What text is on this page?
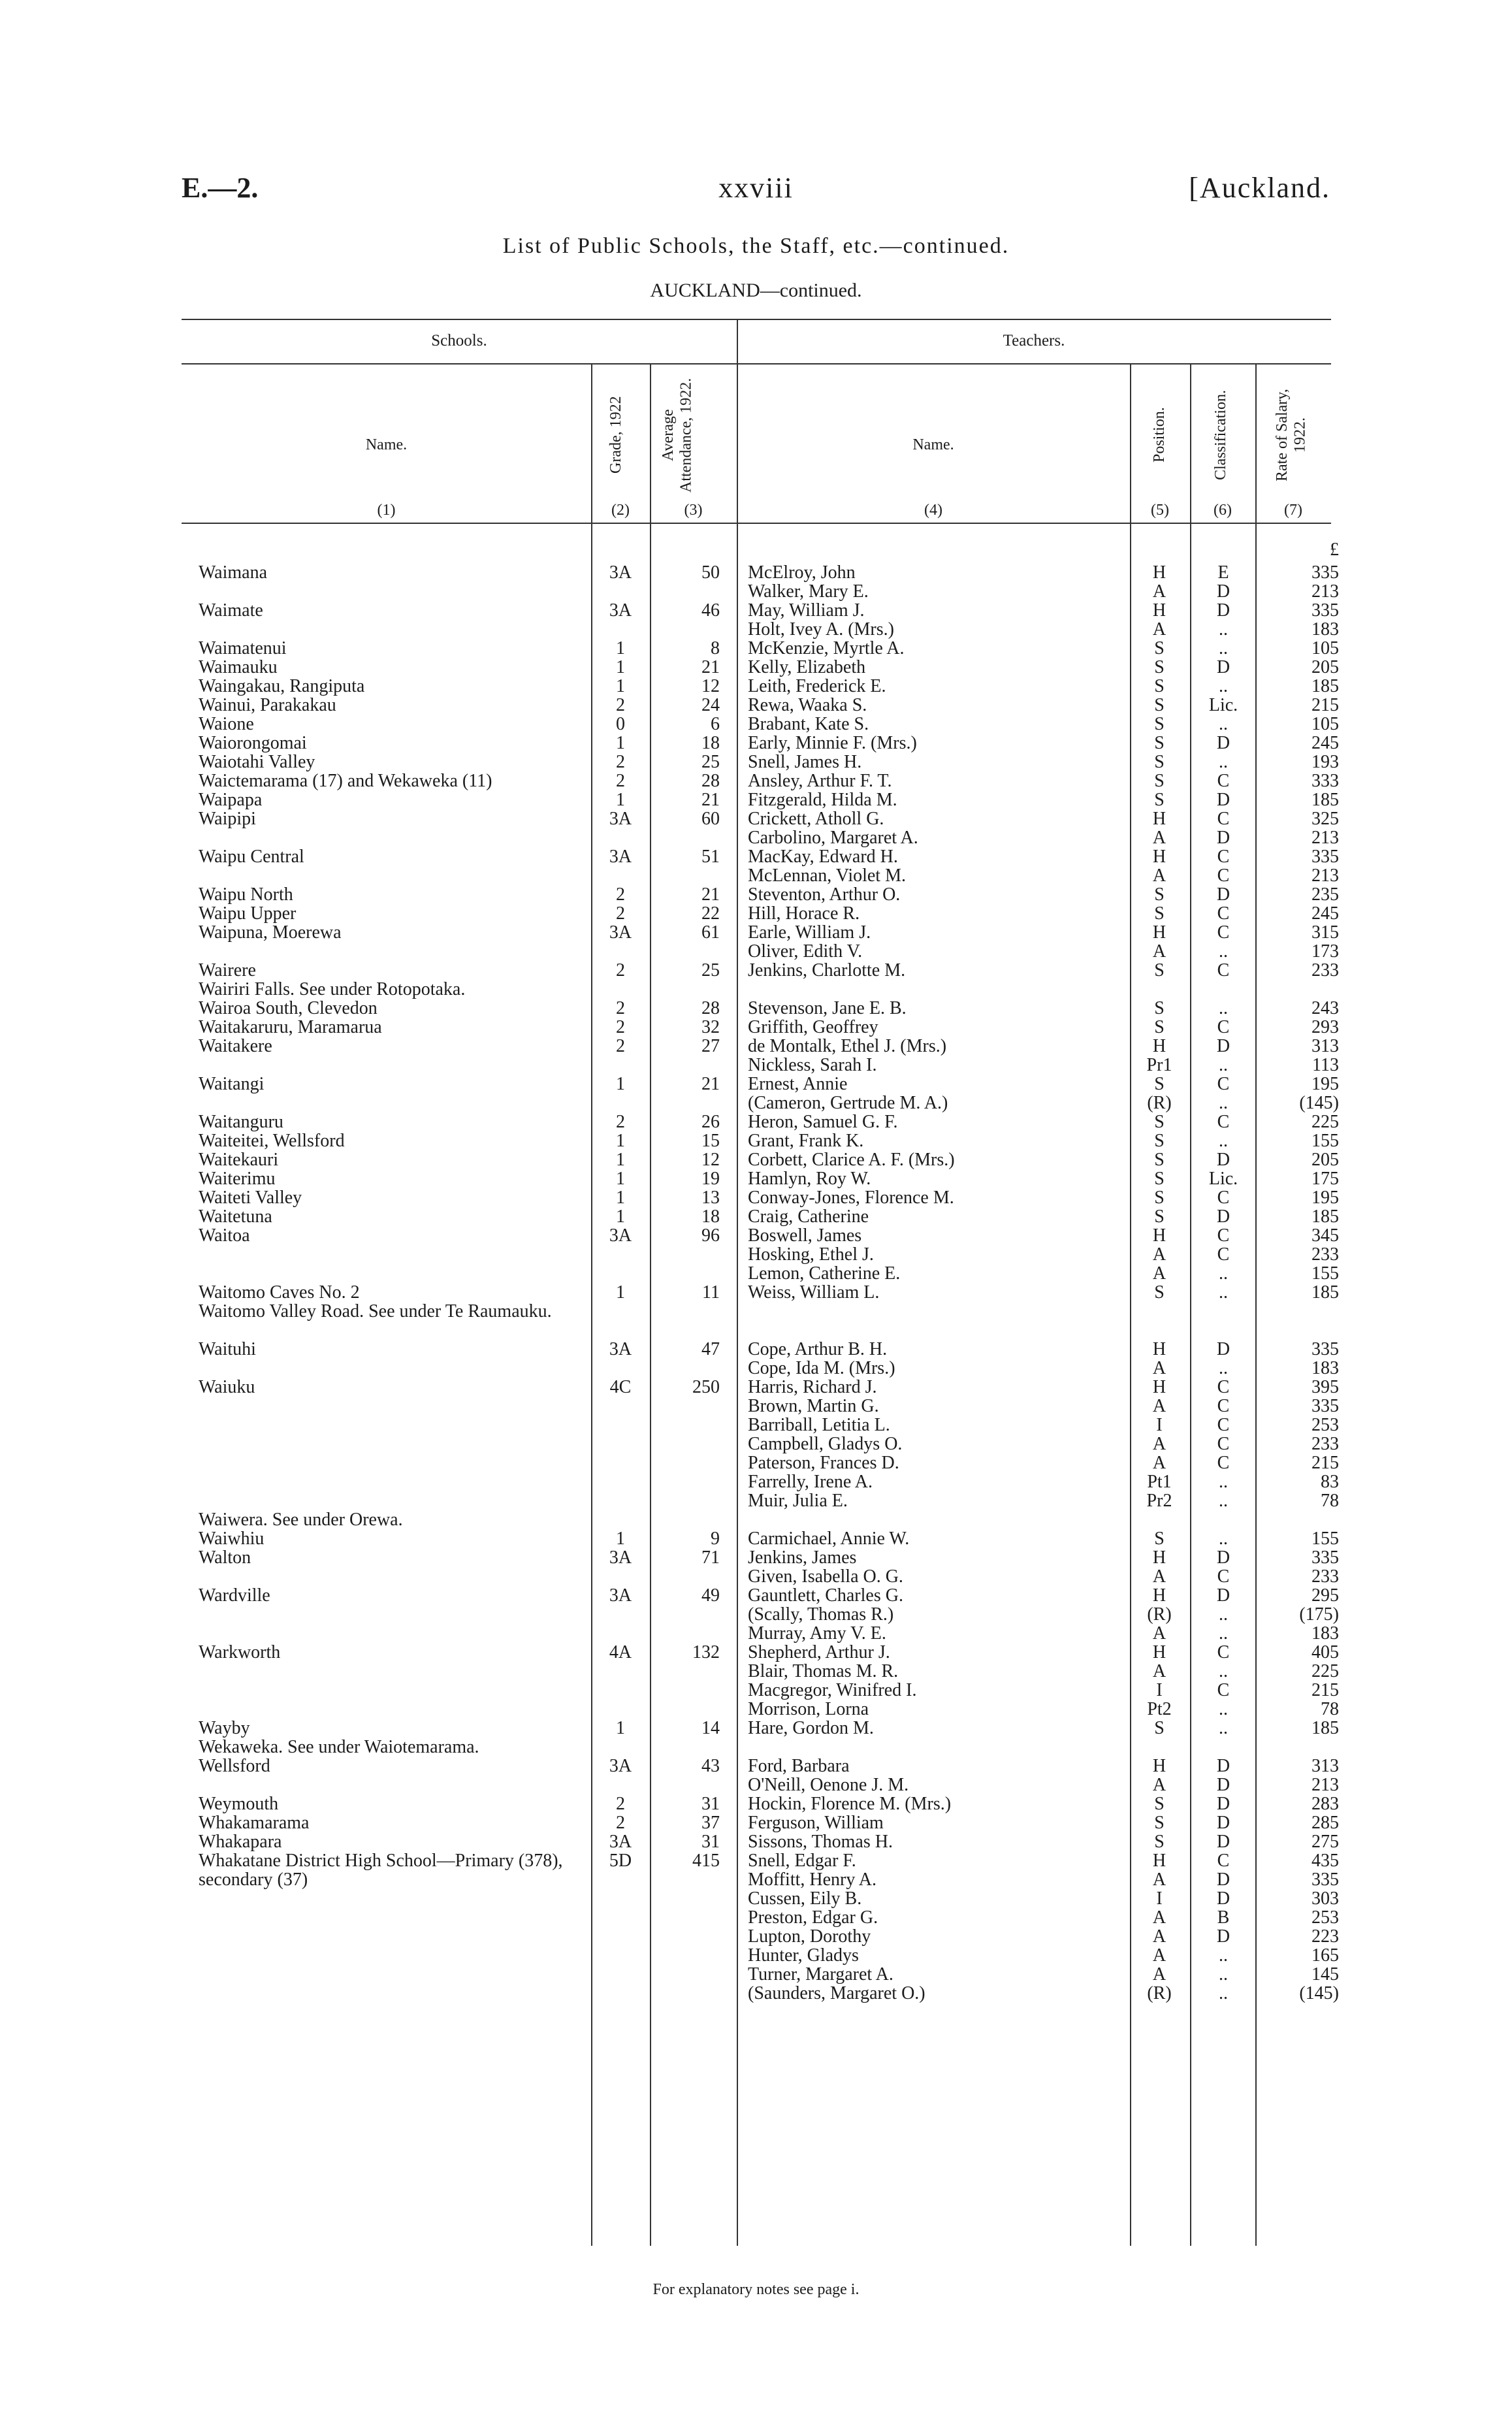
E.—2.	xxviii	[Auckland.
List of Public Schools, the Staff, etc.—continued.
AUCKLAND—continued.
Schools.	Teachers.
Name.	Grade, 1922 Average Attendance, 1922.	Name.	Position.	Classification.	Rate of Salary, 1922.
(1)	(2)	(3)	(4)	(5)	(6)	(7)
£
Waimana	3A	50 McElroy, John	H	E	335
Walker, Mary E.	A	D	213
Waimate	3A	46 May, William J.	H	D	335
Holt, Ivey A. (Mrs.)	A	..	183
Waimatenui	1	8 McKenzie, Myrtle A.	S	..	105
Waimauku	1	21 Kelly, Elizabeth	S	D	205
Waingakau, Rangiputa	1	12 Leith, Frederick E.	S	..	185
Wainui, Parakakau	2	24 Rewa, Waaka S.	S	Lic.	215
Waione	0	6 Brabant, Kate S.	S	..	105
Waiorongomai	1	18 Early, Minnie F. (Mrs.)	S	D	245
Waiotahi Valley	2	25 Snell, James H.	S	..	193
Waictemarama (17) and Wekaweka (11)	2	28 Ansley, Arthur F. T.	S	C	333
Waipapa	1	21 Fitzgerald, Hilda M.	S	D	185
Waipipi	3A	60 Crickett, Atholl G.	H	C	325
Carbolino, Margaret A.	A	D	213
Waipu Central	3A	51 MacKay, Edward H.	H	C	335
McLennan, Violet M.	A	C	213
Waipu North	2	21 Steventon, Arthur O.	S	D	235
Waipu Upper	2	22 Hill, Horace R.	S	C	245
Waipuna, Moerewa	3A	61 Earle, William J.	H	C	315
Oliver, Edith V.	A	..	173
Wairere	2	25 Jenkins, Charlotte M.	S	C	233
Wairiri Falls. See under Rotopotaka.
Wairoa South, Clevedon	2	28 Stevenson, Jane E. B.	S	..	243
Waitakaruru, Maramarua	2	32 Griffith, Geoffrey	S	C	293
Waitakere	2	27 de Montalk, Ethel J. (Mrs.)	H	D	313
Nickless, Sarah I.	Pr1	..	113
Waitangi	1	21 Ernest, Annie	S	C	195
(Cameron, Gertrude M. A.)	(R)	..	(145)
Waitanguru	2	26 Heron, Samuel G. F.	S	C	225
Waiteitei, Wellsford	1	15 Grant, Frank K.	S	..	155
Waitekauri	1	12 Corbett, Clarice A. F. (Mrs.)	S	D	205
Waiterimu	1	19 Hamlyn, Roy W.	S	Lic.	175
Waiteti Valley	1	13 Conway-Jones, Florence M.	S	C	195
Waitetuna	1	18 Craig, Catherine	S	D	185
Waitoa	3A	96 Boswell, James	H	C	345
Hosking, Ethel J.	A	C	233
Lemon, Catherine E.	A	..	155
Waitomo Caves No. 2	1	11 Weiss, William L.	S	..	185
Waitomo Valley Road. See under Te Raumauku.
Waituhi	3A	47 Cope, Arthur B. H.	H	D	335
Cope, Ida M. (Mrs.)	A	..	183
Waiuku	4C	250 Harris, Richard J.	H	C	395
Brown, Martin G.	A	C	335
Barriball, Letitia L.	I	C	253
Campbell, Gladys O.	A	C	233
Paterson, Frances D.	A	C	215
Farrelly, Irene A.	Pt1	..	83
Muir, Julia E.	Pr2	..	78
Waiwera. See under Orewa.
Waiwhiu	1	9 Carmichael, Annie W.	S	..	155
Walton	3A	71 Jenkins, James	H	D	335
Given, Isabella O. G.	A	C	233
Wardville	3A	49 Gauntlett, Charles G.	H	D	295
(Scally, Thomas R.)	(R)	..	(175)
Murray, Amy V. E.	A	..	183
Warkworth	4A	132 Shepherd, Arthur J.	H	C	405
Blair, Thomas M. R.	A	..	225
Macgregor, Winifred I.	I	C	215
Morrison, Lorna	Pt2	..	78
Wayby	1	14 Hare, Gordon M.	S	..	185
Wekaweka. See under Waiotemarama.
Wellsford	3A	43 Ford, Barbara	H	D	313
O'Neill, Oenone J. M.	A	D	213
Weymouth	2	31 Hockin, Florence M. (Mrs.)	S	D	283
Whakamarama	2	37 Ferguson, William	S	D	285
Whakapara	3A	31 Sissons, Thomas H.	S	D	275
Whakatane District High School—Primary (378), secondary (37)
5D	415 Snell, Edgar F.	H	C	435
Moffitt, Henry A.	A	D	335
Cussen, Eily B.	I	D	303
Preston, Edgar G.	A	B	253
Lupton, Dorothy	A	D	223
Hunter, Gladys	A	..	165
Turner, Margaret A.	A	..	145
(Saunders, Margaret O.)	(R)	..	(145)
For explanatory notes see page i.
